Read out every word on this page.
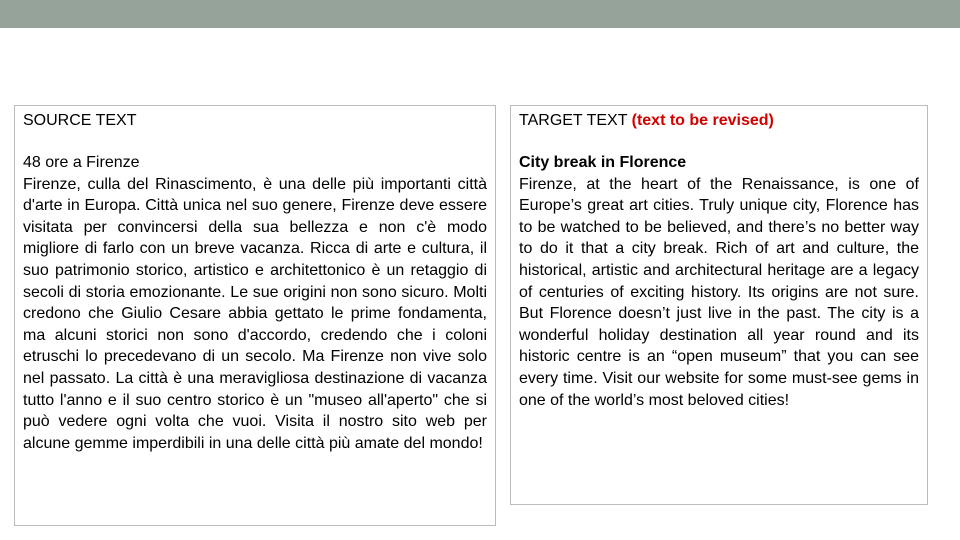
SOURCE TEXT

48 ore a Firenze

Firenze, culla del Rinascimento, è una delle più importanti città d'arte in Europa. Città unica nel suo genere, Firenze deve essere visitata per convincersi della sua bellezza e non c'è modo migliore di farlo con un breve vacanza. Ricca di arte e cultura, il suo patrimonio storico, artistico e architettonico è un retaggio di secoli di storia emozionante. Le sue origini non sono sicuro. Molti credono che Giulio Cesare abbia gettato le prime fondamenta, ma alcuni storici non sono d'accordo, credendo che i coloni etruschi lo precedevano di un secolo. Ma Firenze non vive solo nel passato. La città è una meravigliosa destinazione di vacanza tutto l'anno e il suo centro storico è un "museo all'aperto" che si può vedere ogni volta che vuoi. Visita il nostro sito web per alcune gemme imperdibili in una delle città più amate del mondo!

TARGET TEXT (text to be revised)

City break in Florence

Firenze, at the heart of the Renaissance, is one of Europe’s great art cities. Truly unique city, Florence has to be watched to be believed, and there’s no better way to do it that a city break. Rich of art and culture, the historical, artistic and architectural heritage are a legacy of centuries of exciting history. Its origins are not sure. But Florence doesn’t just live in the past. The city is a wonderful holiday destination all year round and its historic centre is an “open museum” that you can see every time. Visit our website for some must-see gems in one of the world’s most beloved cities!
